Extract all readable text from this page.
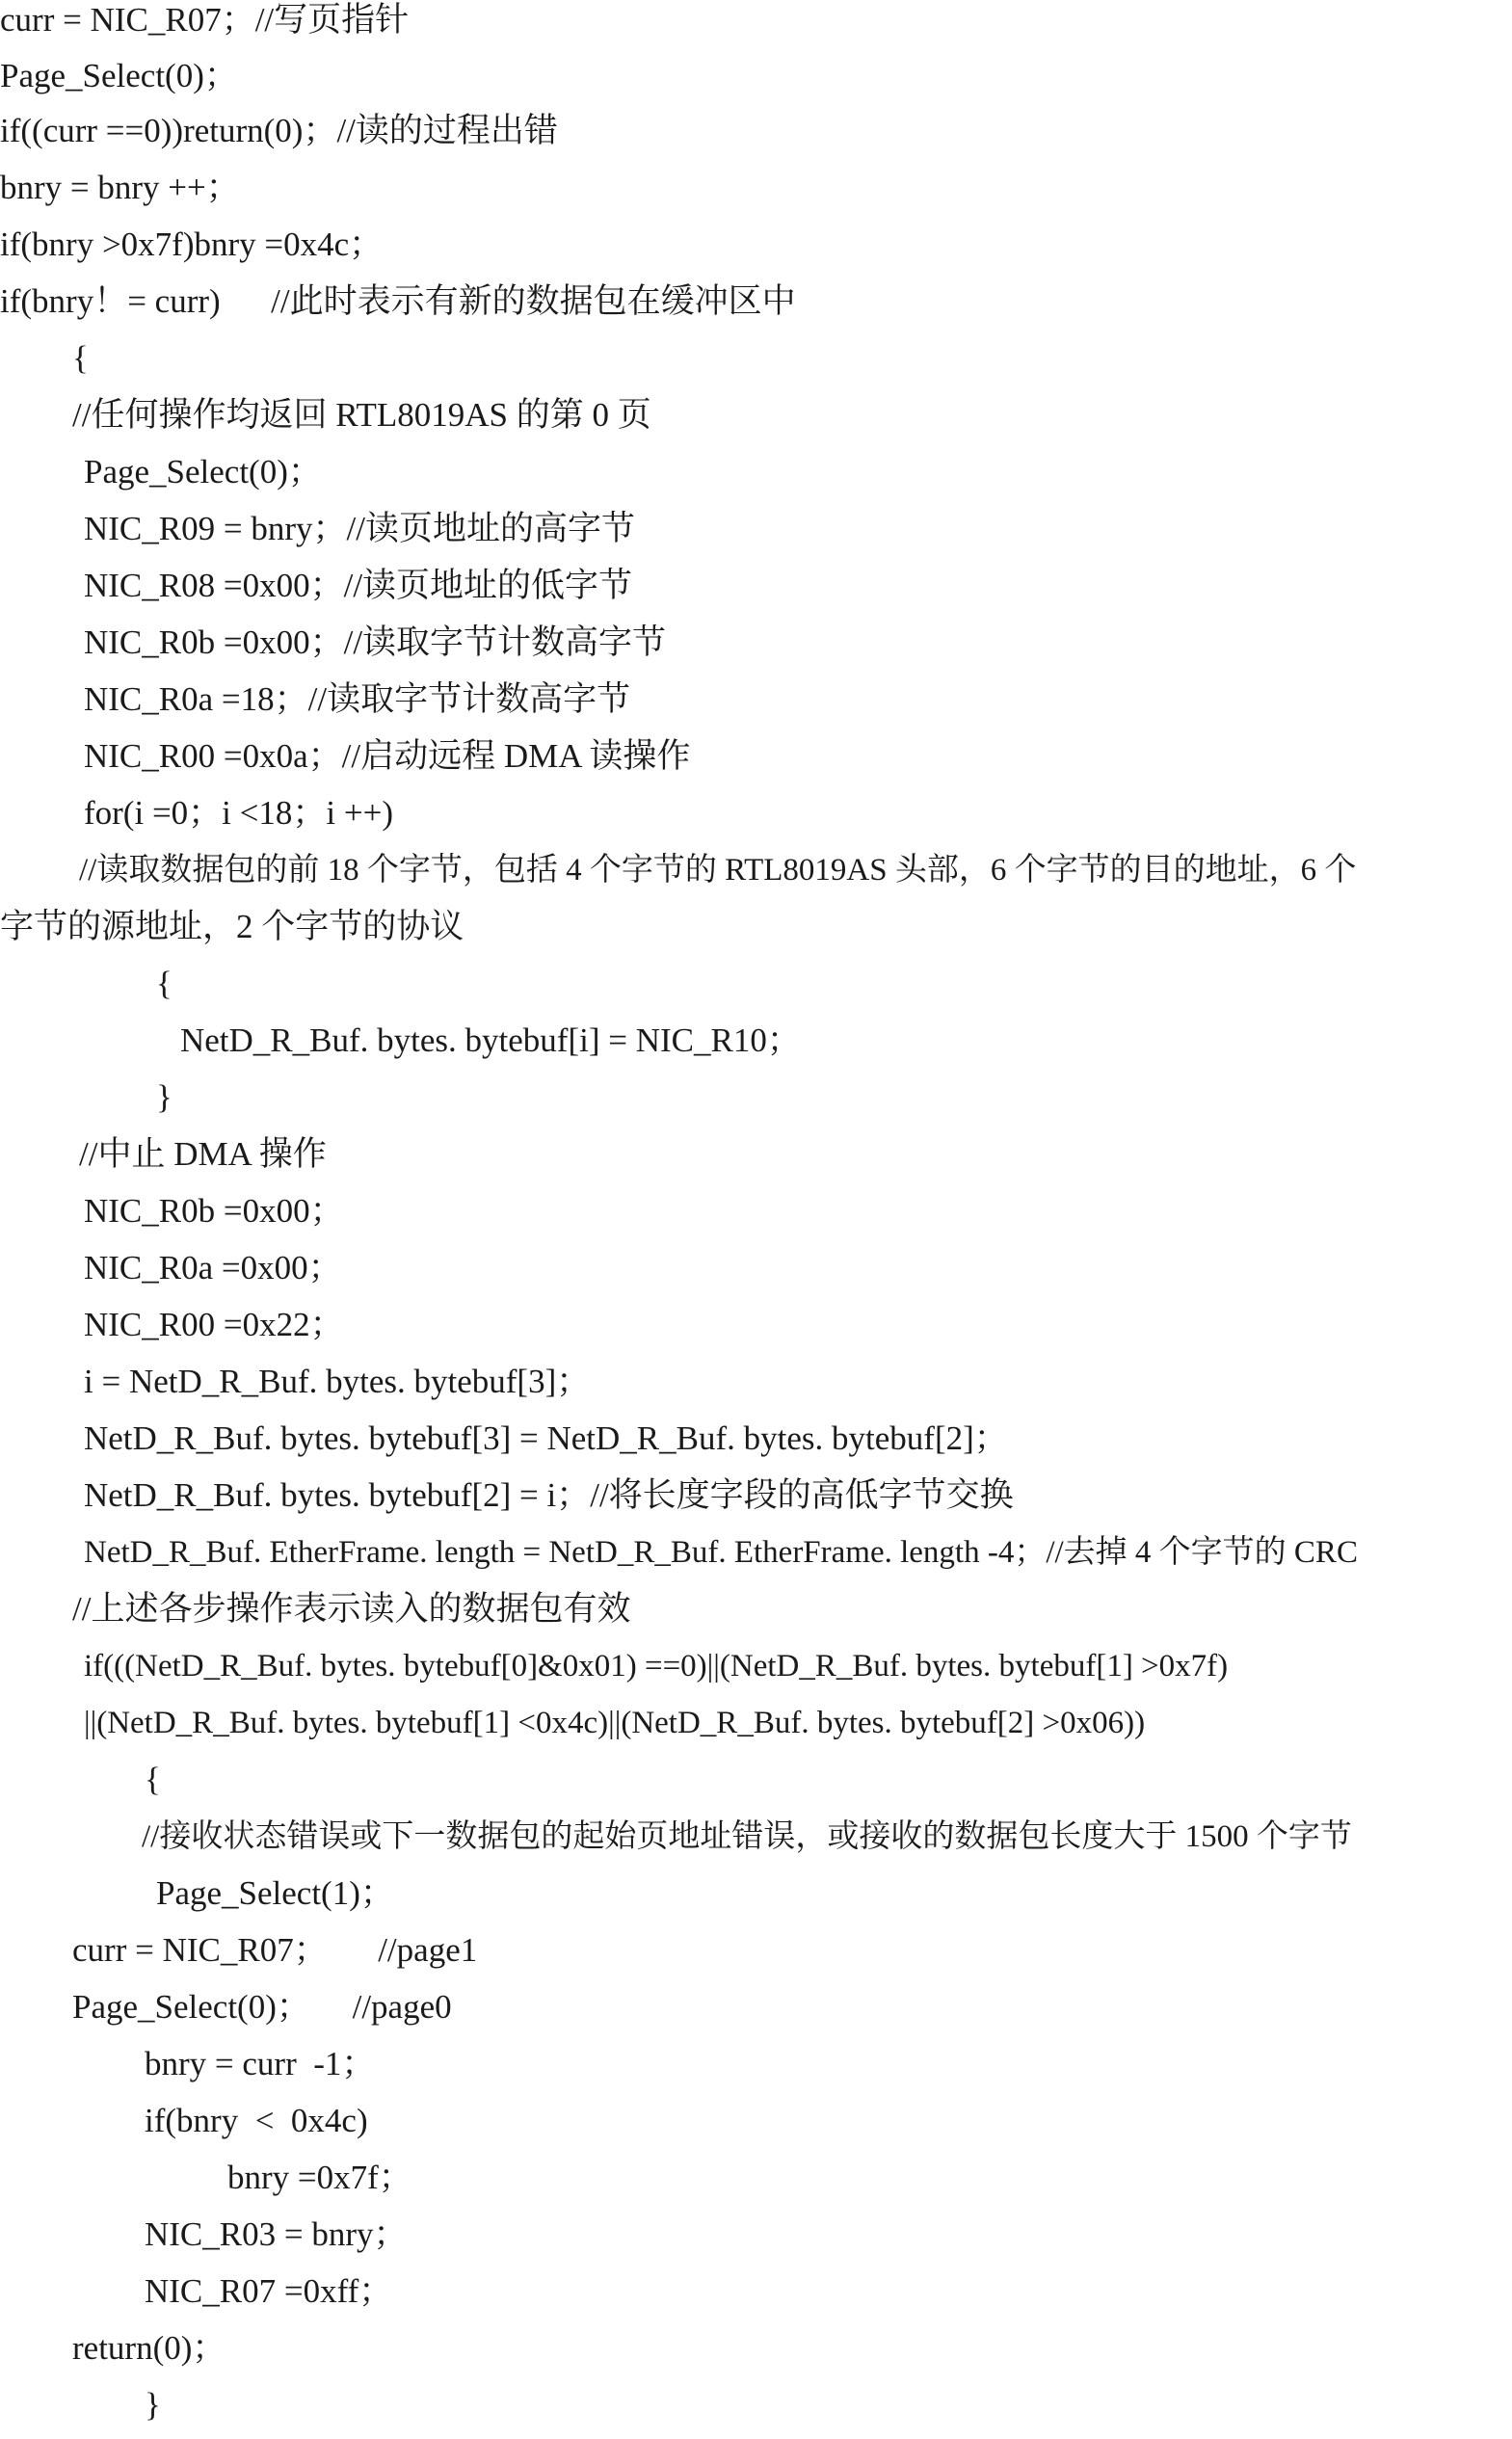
curr = NIC_R07；//写页指针
Page_Select(0)；
if((curr ==0))return(0)；//读的过程出错
bnry = bnry ++；
if(bnry >0x7f)bnry =0x4c；
if(bnry！= curr)      //此时表示有新的数据包在缓冲区中
{
//任何操作均返回 RTL8019AS 的第 0 页
Page_Select(0)；
NIC_R09 = bnry；//读页地址的高字节
NIC_R08 =0x00；//读页地址的低字节
NIC_R0b =0x00；//读取字节计数高字节
NIC_R0a =18；//读取字节计数高字节
NIC_R00 =0x0a；//启动远程 DMA 读操作
for(i =0；i <18；i ++)
//读取数据包的前 18 个字节，包括 4 个字节的 RTL8019AS 头部，6 个字节的目的地址，6 个
字节的源地址，2 个字节的协议
{
NetD_R_Buf. bytes. bytebuf[i] = NIC_R10；
}
//中止 DMA 操作
NIC_R0b =0x00；
NIC_R0a =0x00；
NIC_R00 =0x22；
i = NetD_R_Buf. bytes. bytebuf[3]；
NetD_R_Buf. bytes. bytebuf[3] = NetD_R_Buf. bytes. bytebuf[2]；
NetD_R_Buf. bytes. bytebuf[2] = i；//将长度字段的高低字节交换
NetD_R_Buf. EtherFrame. length = NetD_R_Buf. EtherFrame. length -4；//去掉 4 个字节的 CRC
//上述各步操作表示读入的数据包有效
if(((NetD_R_Buf. bytes. bytebuf[0]&0x01) ==0)||(NetD_R_Buf. bytes. bytebuf[1] >0x7f)
||(NetD_R_Buf. bytes. bytebuf[1] <0x4c)||(NetD_R_Buf. bytes. bytebuf[2] >0x06))
{
//接收状态错误或下一数据包的起始页地址错误，或接收的数据包长度大于 1500 个字节
Page_Select(1)；
curr = NIC_R07；      //page1
Page_Select(0)；     //page0
bnry = curr  -1；
if(bnry  <  0x4c)
bnry =0x7f；
NIC_R03 = bnry；
NIC_R07 =0xff；
return(0)；
}
